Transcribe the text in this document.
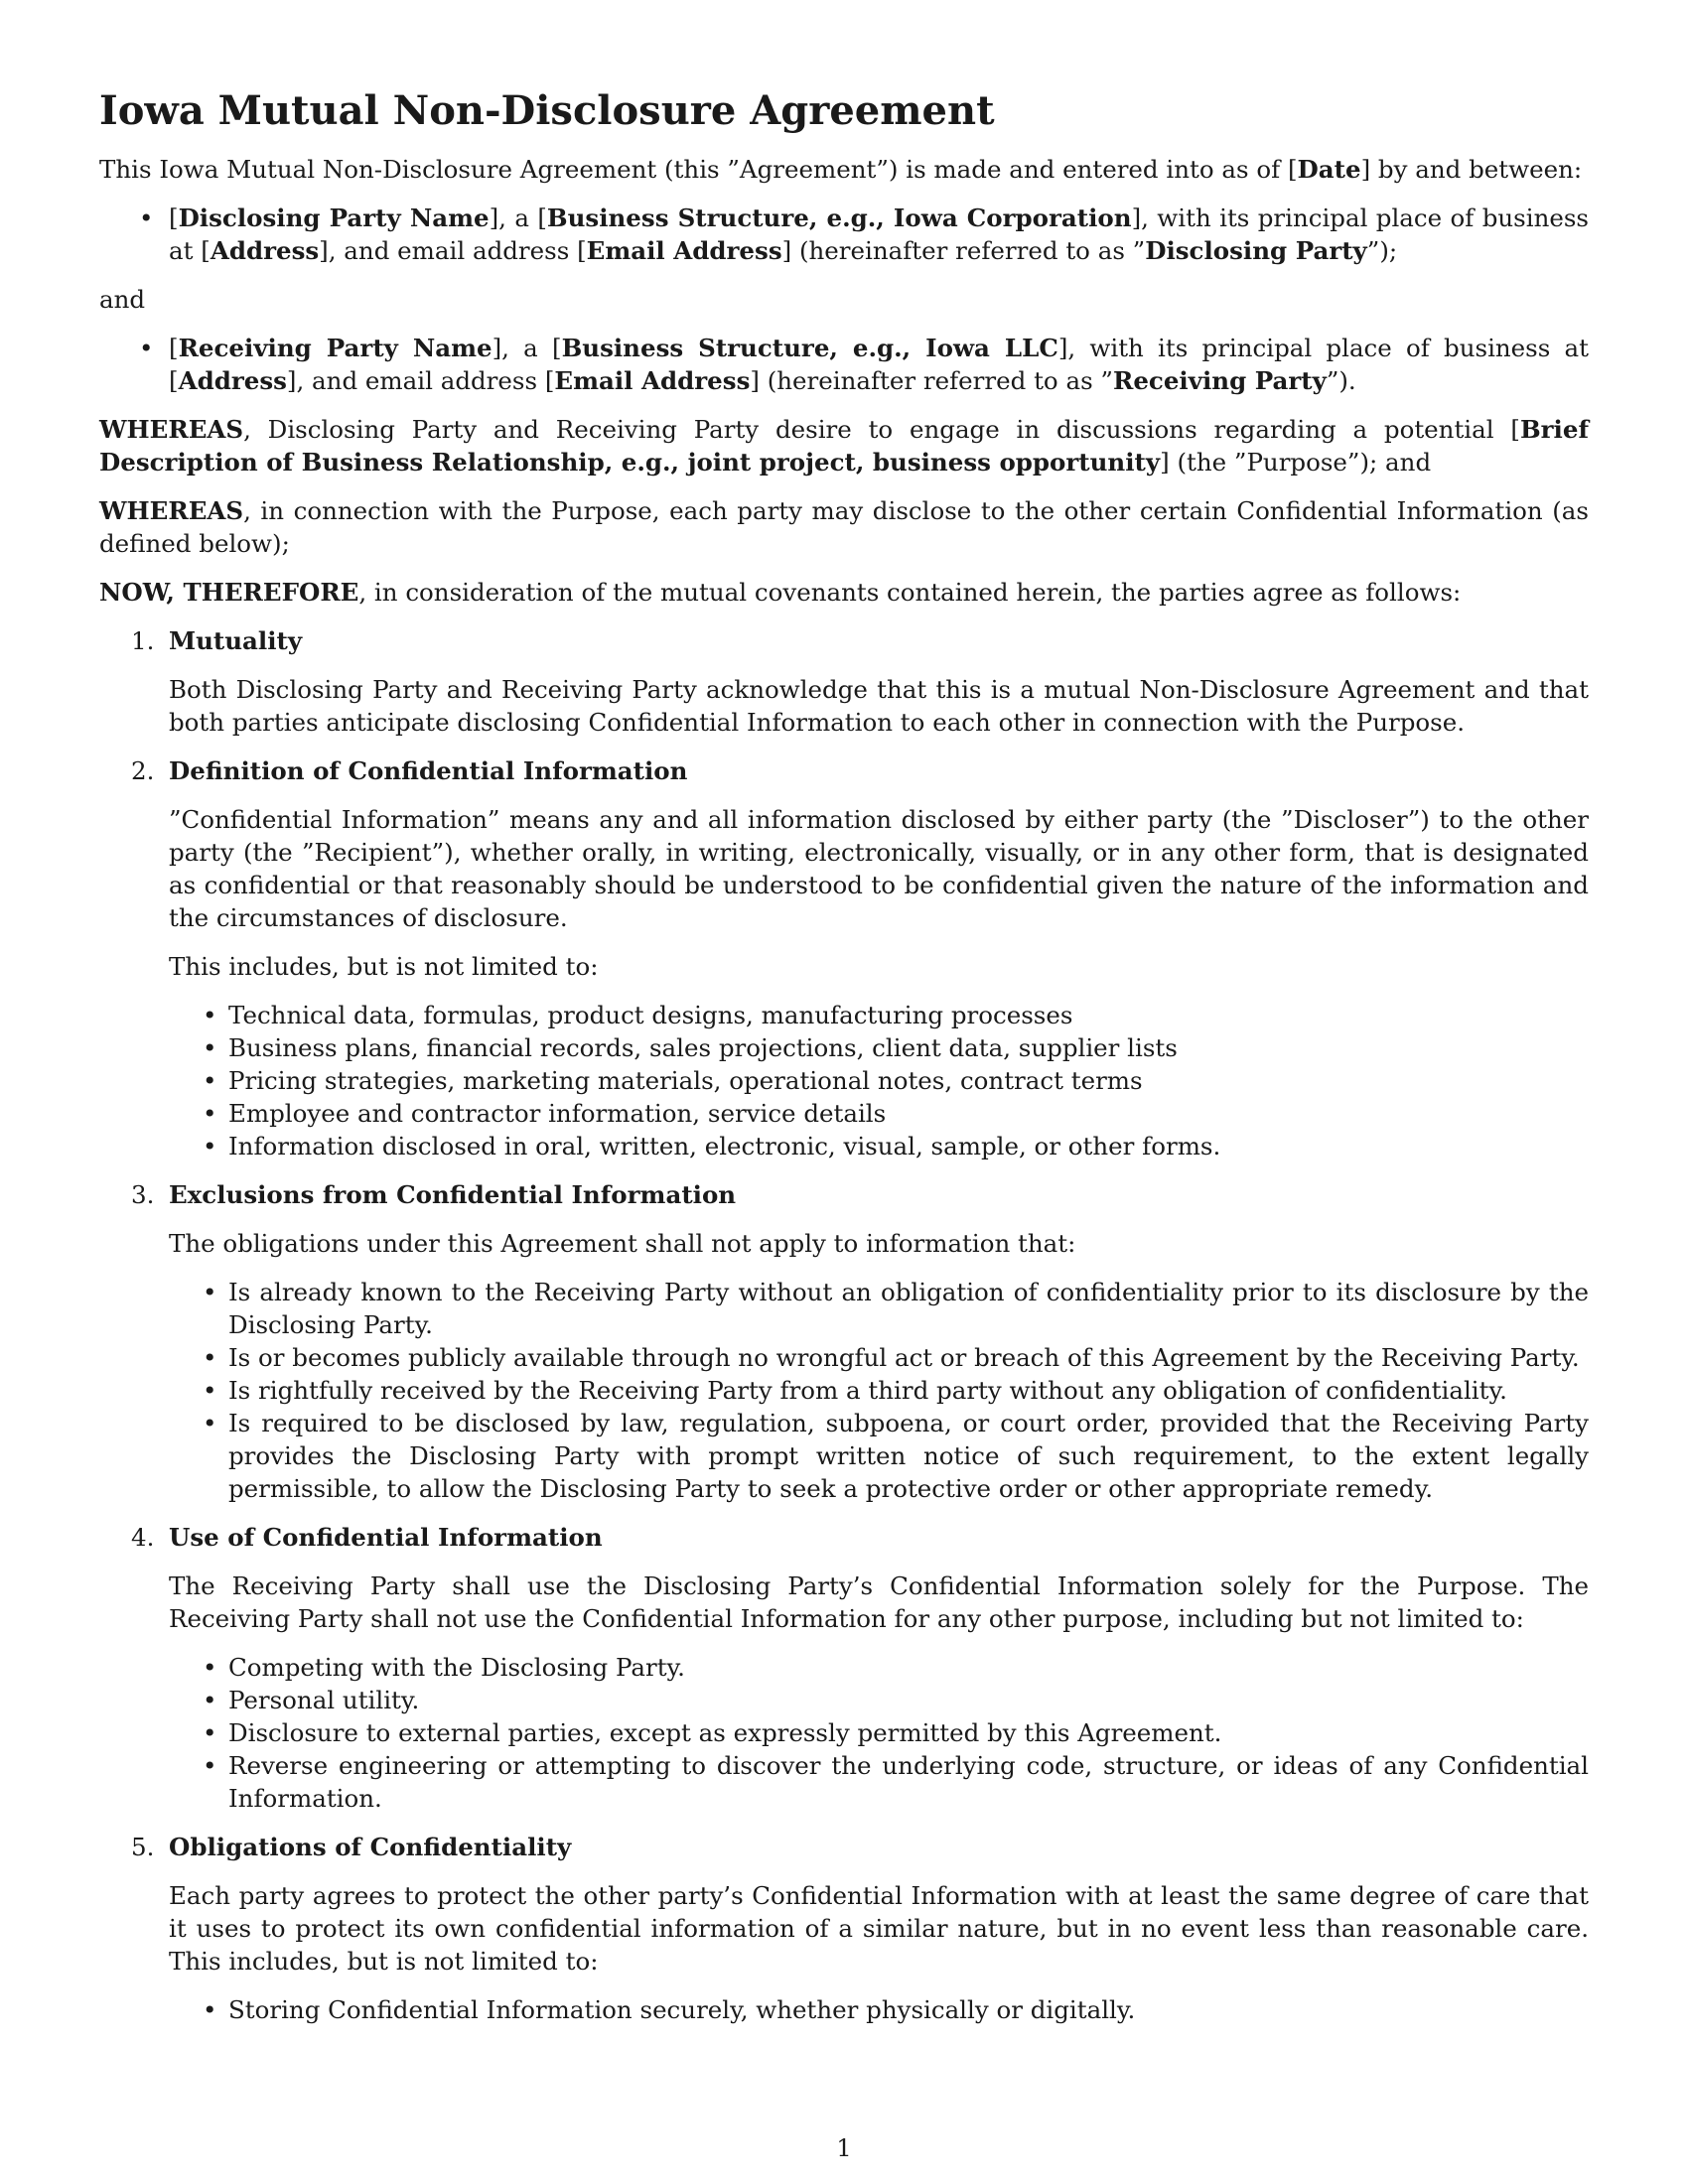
Iowa Mutual Non-Disclosure Agreement

This Iowa Mutual Non-Disclosure Agreement (this ”Agreement”) is made and entered into as of [Date] by and between:

• [Disclosing Party Name], a [Business Structure, e.g., Iowa Corporation], with its principal place of business at [Address], and email address [Email Address] (hereinafter referred to as ”Disclosing Party”);
and
• [Receiving Party Name], a [Business Structure, e.g., Iowa LLC], with its principal place of business at [Address], and email address [Email Address] (hereinafter referred to as ”Receiving Party”).

WHEREAS, Disclosing Party and Receiving Party desire to engage in discussions regarding a potential [Brief Description of Business Relationship, e.g., joint project, business opportunity] (the ”Purpose”); and

WHEREAS, in connection with the Purpose, each party may disclose to the other certain Confidential Information (as defined below);

NOW, THEREFORE, in consideration of the mutual covenants contained herein, the parties agree as follows:

1. Mutuality

Both Disclosing Party and Receiving Party acknowledge that this is a mutual Non-Disclosure Agreement and that both parties anticipate disclosing Confidential Information to each other in connection with the Purpose.

2. Definition of Confidential Information

”Confidential Information” means any and all information disclosed by either party (the ”Discloser”) to the other party (the ”Recipient”), whether orally, in writing, electronically, visually, or in any other form, that is designated as confidential or that reasonably should be understood to be confidential given the nature of the information and the circumstances of disclosure.

This includes, but is not limited to:

• Technical data, formulas, product designs, manufacturing processes
• Business plans, financial records, sales projections, client data, supplier lists
• Pricing strategies, marketing materials, operational notes, contract terms
• Employee and contractor information, service details
• Information disclosed in oral, written, electronic, visual, sample, or other forms.
3. Exclusions from Confidential Information

The obligations under this Agreement shall not apply to information that:

• Is already known to the Receiving Party without an obligation of confidentiality prior to its disclosure by the Disclosing Party.
• Is or becomes publicly available through no wrongful act or breach of this Agreement by the Receiving Party.
• Is rightfully received by the Receiving Party from a third party without any obligation of confidentiality.
• Is required to be disclosed by law, regulation, subpoena, or court order, provided that the Receiving Party provides the Disclosing Party with prompt written notice of such requirement, to the extent legally permissible, to allow the Disclosing Party to seek a protective order or other appropriate remedy.
4. Use of Confidential Information

The Receiving Party shall use the Disclosing Party’s Confidential Information solely for the Purpose. The Receiving Party shall not use the Confidential Information for any other purpose, including but not limited to:

• Competing with the Disclosing Party.
• Personal utility.
• Disclosure to external parties, except as expressly permitted by this Agreement.
• Reverse engineering or attempting to discover the underlying code, structure, or ideas of any Confidential Information.
5. Obligations of Confidentiality

Each party agrees to protect the other party’s Confidential Information with at least the same degree of care that it uses to protect its own confidential information of a similar nature, but in no event less than reasonable care. This includes, but is not limited to:

• Storing Confidential Information securely, whether physically or digitally.
1
